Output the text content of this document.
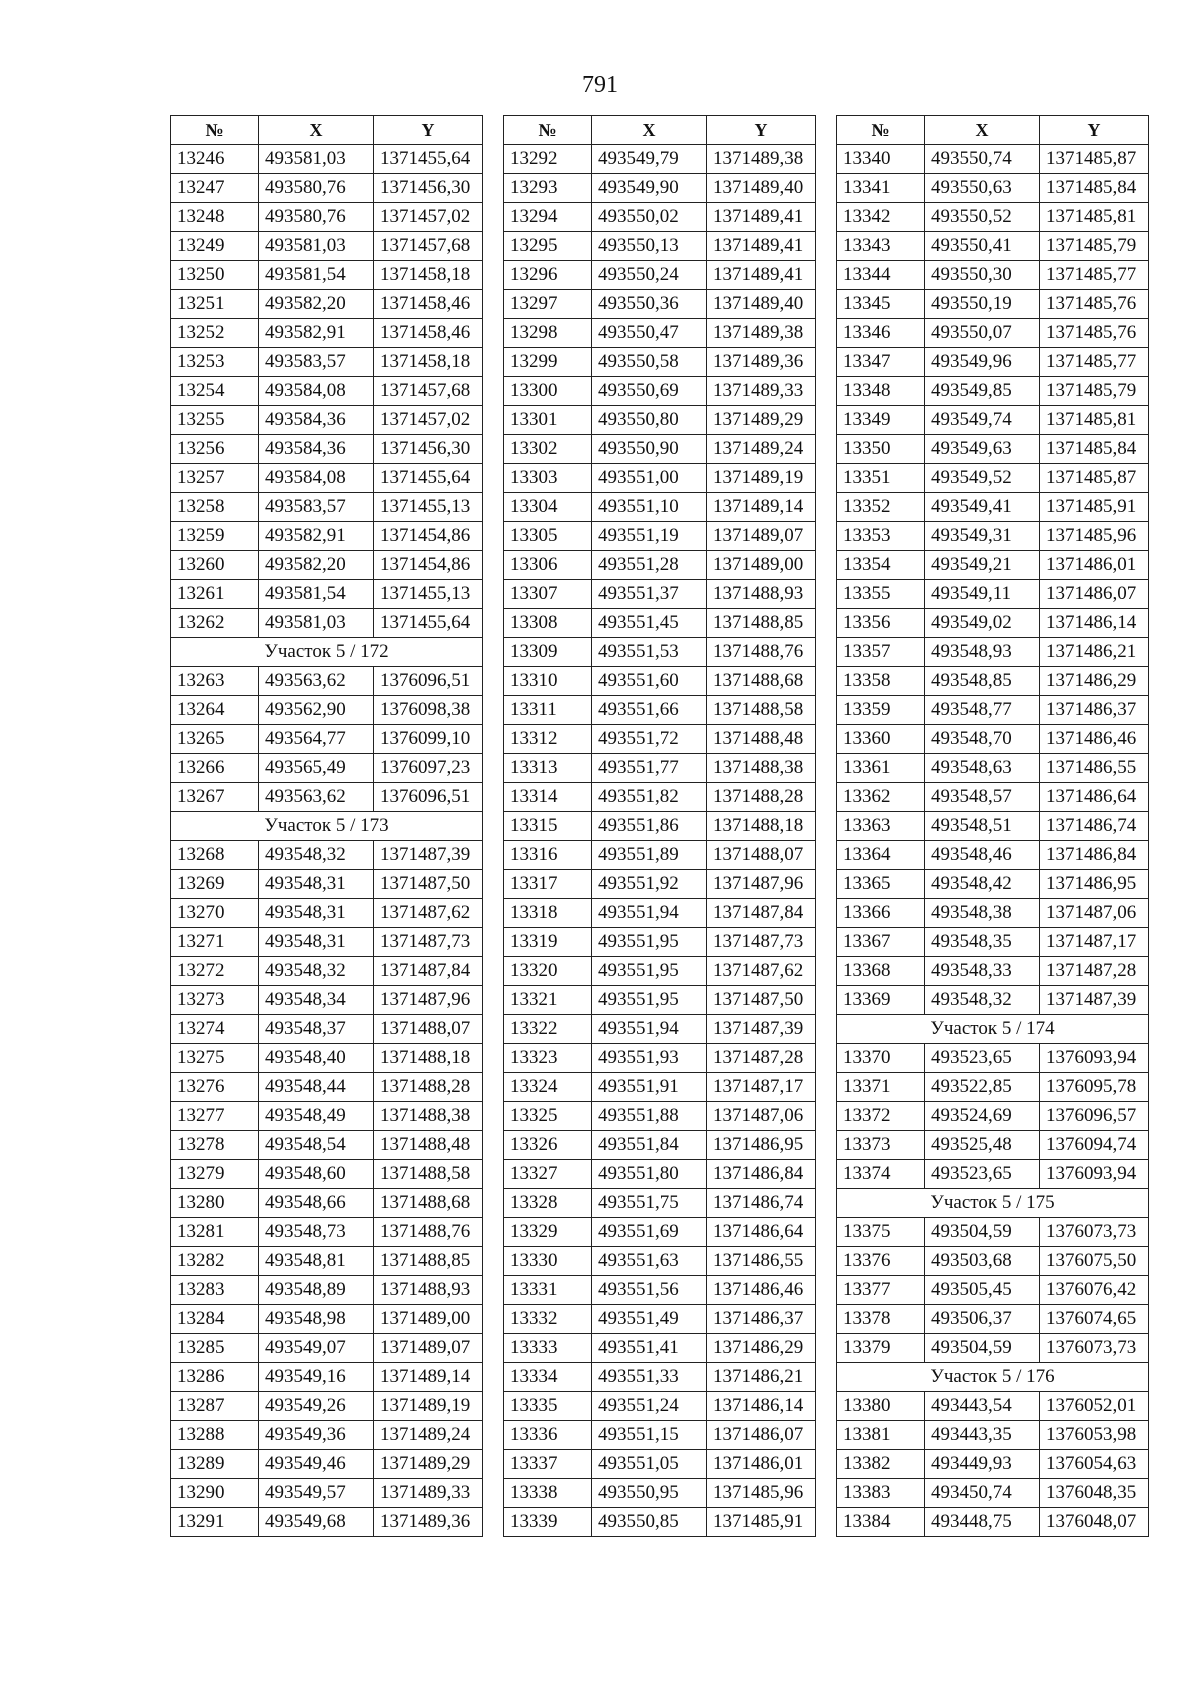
791
№	X	Y
13246	493581,03	1371455,64
13247	493580,76	1371456,30
13248	493580,76	1371457,02
13249	493581,03	1371457,68
13250	493581,54	1371458,18
13251	493582,20	1371458,46
13252	493582,91	1371458,46
13253	493583,57	1371458,18
13254	493584,08	1371457,68
13255	493584,36	1371457,02
13256	493584,36	1371456,30
13257	493584,08	1371455,64
13258	493583,57	1371455,13
13259	493582,91	1371454,86
13260	493582,20	1371454,86
13261	493581,54	1371455,13
13262	493581,03	1371455,64
Участок 5 / 172		
13263	493563,62	1376096,51
13264	493562,90	1376098,38
13265	493564,77	1376099,10
13266	493565,49	1376097,23
13267	493563,62	1376096,51
Участок 5 / 173		
13268	493548,32	1371487,39
13269	493548,31	1371487,50
13270	493548,31	1371487,62
13271	493548,31	1371487,73
13272	493548,32	1371487,84
13273	493548,34	1371487,96
13274	493548,37	1371488,07
13275	493548,40	1371488,18
13276	493548,44	1371488,28
13277	493548,49	1371488,38
13278	493548,54	1371488,48
13279	493548,60	1371488,58
13280	493548,66	1371488,68
13281	493548,73	1371488,76
13282	493548,81	1371488,85
13283	493548,89	1371488,93
13284	493548,98	1371489,00
13285	493549,07	1371489,07
13286	493549,16	1371489,14
13287	493549,26	1371489,19
13288	493549,36	1371489,24
13289	493549,46	1371489,29
13290	493549,57	1371489,33
13291	493549,68	1371489,36
№	X	Y
13292	493549,79	1371489,38
13293	493549,90	1371489,40
13294	493550,02	1371489,41
13295	493550,13	1371489,41
13296	493550,24	1371489,41
13297	493550,36	1371489,40
13298	493550,47	1371489,38
13299	493550,58	1371489,36
13300	493550,69	1371489,33
13301	493550,80	1371489,29
13302	493550,90	1371489,24
13303	493551,00	1371489,19
13304	493551,10	1371489,14
13305	493551,19	1371489,07
13306	493551,28	1371489,00
13307	493551,37	1371488,93
13308	493551,45	1371488,85
13309	493551,53	1371488,76
13310	493551,60	1371488,68
13311	493551,66	1371488,58
13312	493551,72	1371488,48
13313	493551,77	1371488,38
13314	493551,82	1371488,28
13315	493551,86	1371488,18
13316	493551,89	1371488,07
13317	493551,92	1371487,96
13318	493551,94	1371487,84
13319	493551,95	1371487,73
13320	493551,95	1371487,62
13321	493551,95	1371487,50
13322	493551,94	1371487,39
13323	493551,93	1371487,28
13324	493551,91	1371487,17
13325	493551,88	1371487,06
13326	493551,84	1371486,95
13327	493551,80	1371486,84
13328	493551,75	1371486,74
13329	493551,69	1371486,64
13330	493551,63	1371486,55
13331	493551,56	1371486,46
13332	493551,49	1371486,37
13333	493551,41	1371486,29
13334	493551,33	1371486,21
13335	493551,24	1371486,14
13336	493551,15	1371486,07
13337	493551,05	1371486,01
13338	493550,95	1371485,96
13339	493550,85	1371485,91
№	X	Y
13340	493550,74	1371485,87
13341	493550,63	1371485,84
13342	493550,52	1371485,81
13343	493550,41	1371485,79
13344	493550,30	1371485,77
13345	493550,19	1371485,76
13346	493550,07	1371485,76
13347	493549,96	1371485,77
13348	493549,85	1371485,79
13349	493549,74	1371485,81
13350	493549,63	1371485,84
13351	493549,52	1371485,87
13352	493549,41	1371485,91
13353	493549,31	1371485,96
13354	493549,21	1371486,01
13355	493549,11	1371486,07
13356	493549,02	1371486,14
13357	493548,93	1371486,21
13358	493548,85	1371486,29
13359	493548,77	1371486,37
13360	493548,70	1371486,46
13361	493548,63	1371486,55
13362	493548,57	1371486,64
13363	493548,51	1371486,74
13364	493548,46	1371486,84
13365	493548,42	1371486,95
13366	493548,38	1371487,06
13367	493548,35	1371487,17
13368	493548,33	1371487,28
13369	493548,32	1371487,39
Участок 5 / 174		
13370	493523,65	1376093,94
13371	493522,85	1376095,78
13372	493524,69	1376096,57
13373	493525,48	1376094,74
13374	493523,65	1376093,94
Участок 5 / 175		
13375	493504,59	1376073,73
13376	493503,68	1376075,50
13377	493505,45	1376076,42
13378	493506,37	1376074,65
13379	493504,59	1376073,73
Участок 5 / 176		
13380	493443,54	1376052,01
13381	493443,35	1376053,98
13382	493449,93	1376054,63
13383	493450,74	1376048,35
13384	493448,75	1376048,07
